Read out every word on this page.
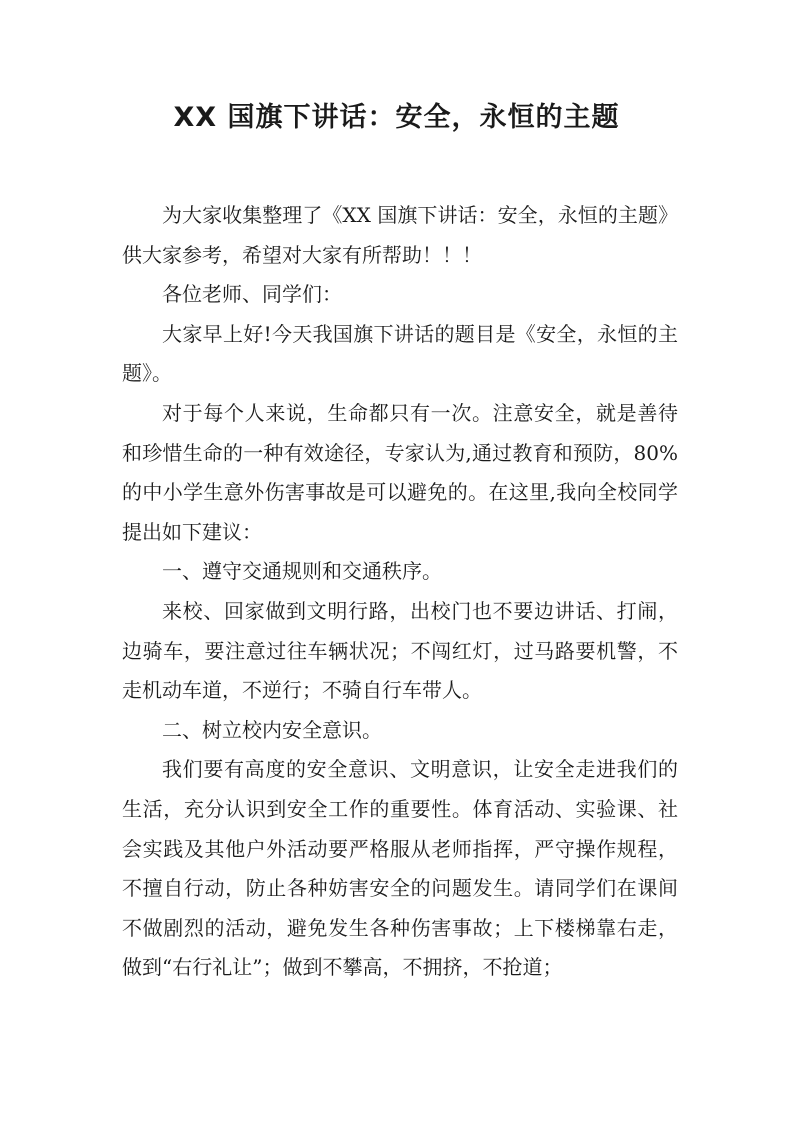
XX 国旗下讲话：安全，永恒的主题

为大家收集整理了《XX 国旗下讲话：安全，永恒的主题》供大家参考，希望对大家有所帮助！！！

各位老师、同学们：

大家早上好!今天我国旗下讲话的题目是《安全，永恒的主题》。

对于每个人来说，生命都只有一次。注意安全，就是善待和珍惜生命的一种有效途径，专家认为,通过教育和预防，80%的中小学生意外伤害事故是可以避免的。在这里,我向全校同学提出如下建议：

一、遵守交通规则和交通秩序。

来校、回家做到文明行路，出校门也不要边讲话、打闹，边骑车，要注意过往车辆状况；不闯红灯，过马路要机警，不走机动车道，不逆行；不骑自行车带人。

二、树立校内安全意识。

我们要有高度的安全意识、文明意识，让安全走进我们的生活，充分认识到安全工作的重要性。体育活动、实验课、社会实践及其他户外活动要严格服从老师指挥，严守操作规程，不擅自行动，防止各种妨害安全的问题发生。请同学们在课间不做剧烈的活动，避免发生各种伤害事故；上下楼梯靠右走，做到“右行礼让”；做到不攀高，不拥挤，不抢道；
